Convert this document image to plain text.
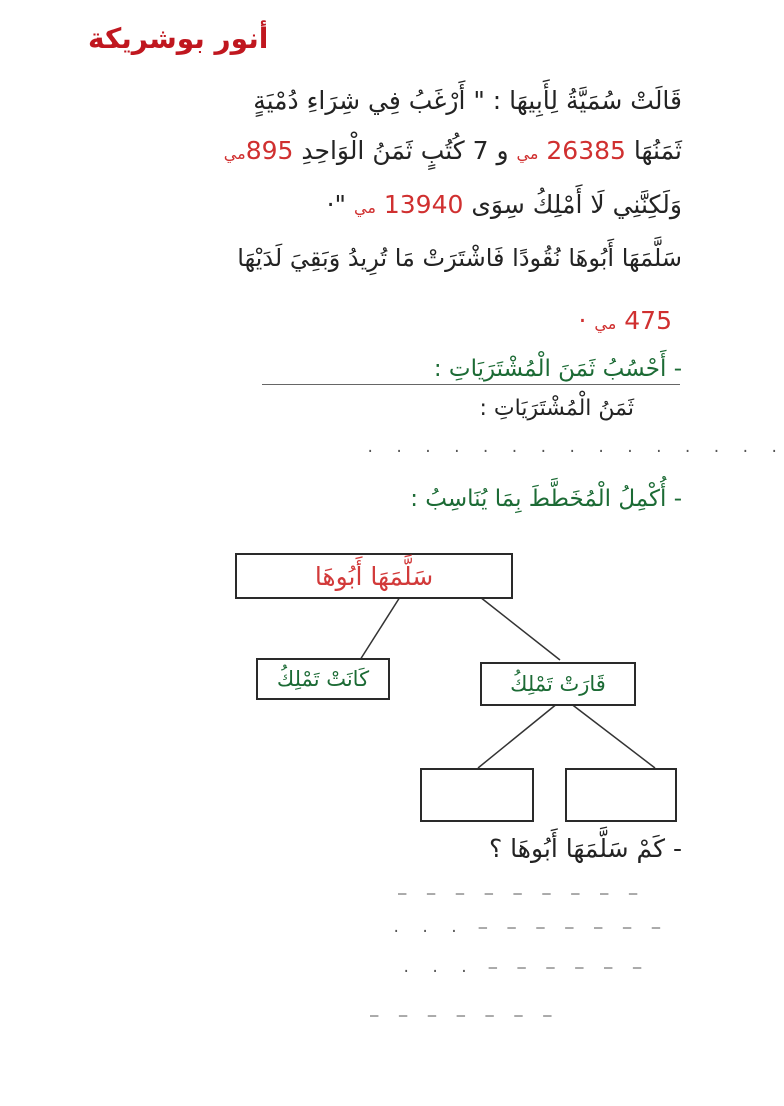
أنور بوشريكة
قَالَتْ سُمَيَّةُ لِأَبِيهَا : " أَرْغَبُ فِي شِرَاءِ دُمْيَةٍ
ثَمَنُهَا 26385 مي و 7 كُتُبٍ ثَمَنُ الْوَاحِدِ 895مي
وَلَكِنَّنِي لَا أَمْلِكُ سِوَى 13940 مي "·
سَلَّمَهَا أَبُوهَا نُقُودًا فَاشْتَرَتْ مَا تُرِيدُ وَبَقِيَ لَدَيْهَا
475 مي ·
- أَحْسُبُ ثَمَنَ الْمُشْتَرَيَاتِ :
ثَمَنُ الْمُشْتَرَيَاتِ :
. . . . . . . . . . . . . . .
- أُكْمِلُ الْمُخَطَّطَ بِمَا يُنَاسِبُ :
سَلَّمَهَا أَبُوهَا
كَانَتْ تَمْلِكُ	قَارَتْ تَمْلِكُ
- كَمْ سَلَّمَهَا أَبُوهَا ؟
— — — — — — — — —
. . . — — — — — — —
. . . — — — — — —
— — — — — — —
